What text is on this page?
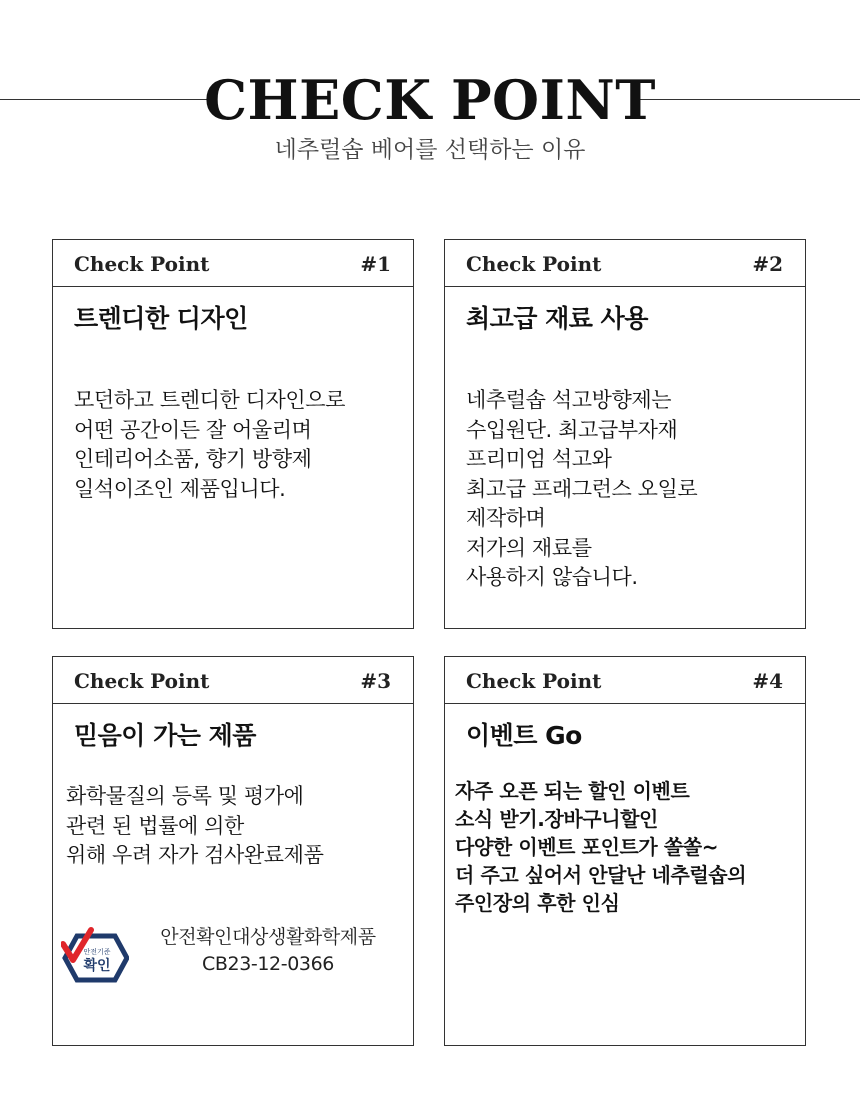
CHECK POINT
네추럴솝 베어를 선택하는 이유
Check Point	#1
트렌디한 디자인
모던하고 트렌디한 디자인으로
어떤 공간이든 잘 어울리며
인테리어소품, 향기 방향제
일석이조인 제품입니다.
Check Point	#2
최고급 재료 사용
네추럴솝 석고방향제는
수입원단. 최고급부자재
프리미엄 석고와
최고급 프래그런스 오일로
제작하며
저가의 재료를
사용하지 않습니다.
Check Point	#3
믿음이 가는 제품
화학물질의 등록 및 평가에
관련 된 법률에 의한
위해 우려 자가 검사완료제품
안전기준
확인
안전확인대상생활화학제품
CB23-12-0366
Check Point	#4
이벤트 Go
자주 오픈 되는 할인 이벤트
소식 받기.장바구니할인
다양한 이벤트 포인트가 쏠쏠~
더 주고 싶어서 안달난 네추럴솝의
주인장의 후한 인심
